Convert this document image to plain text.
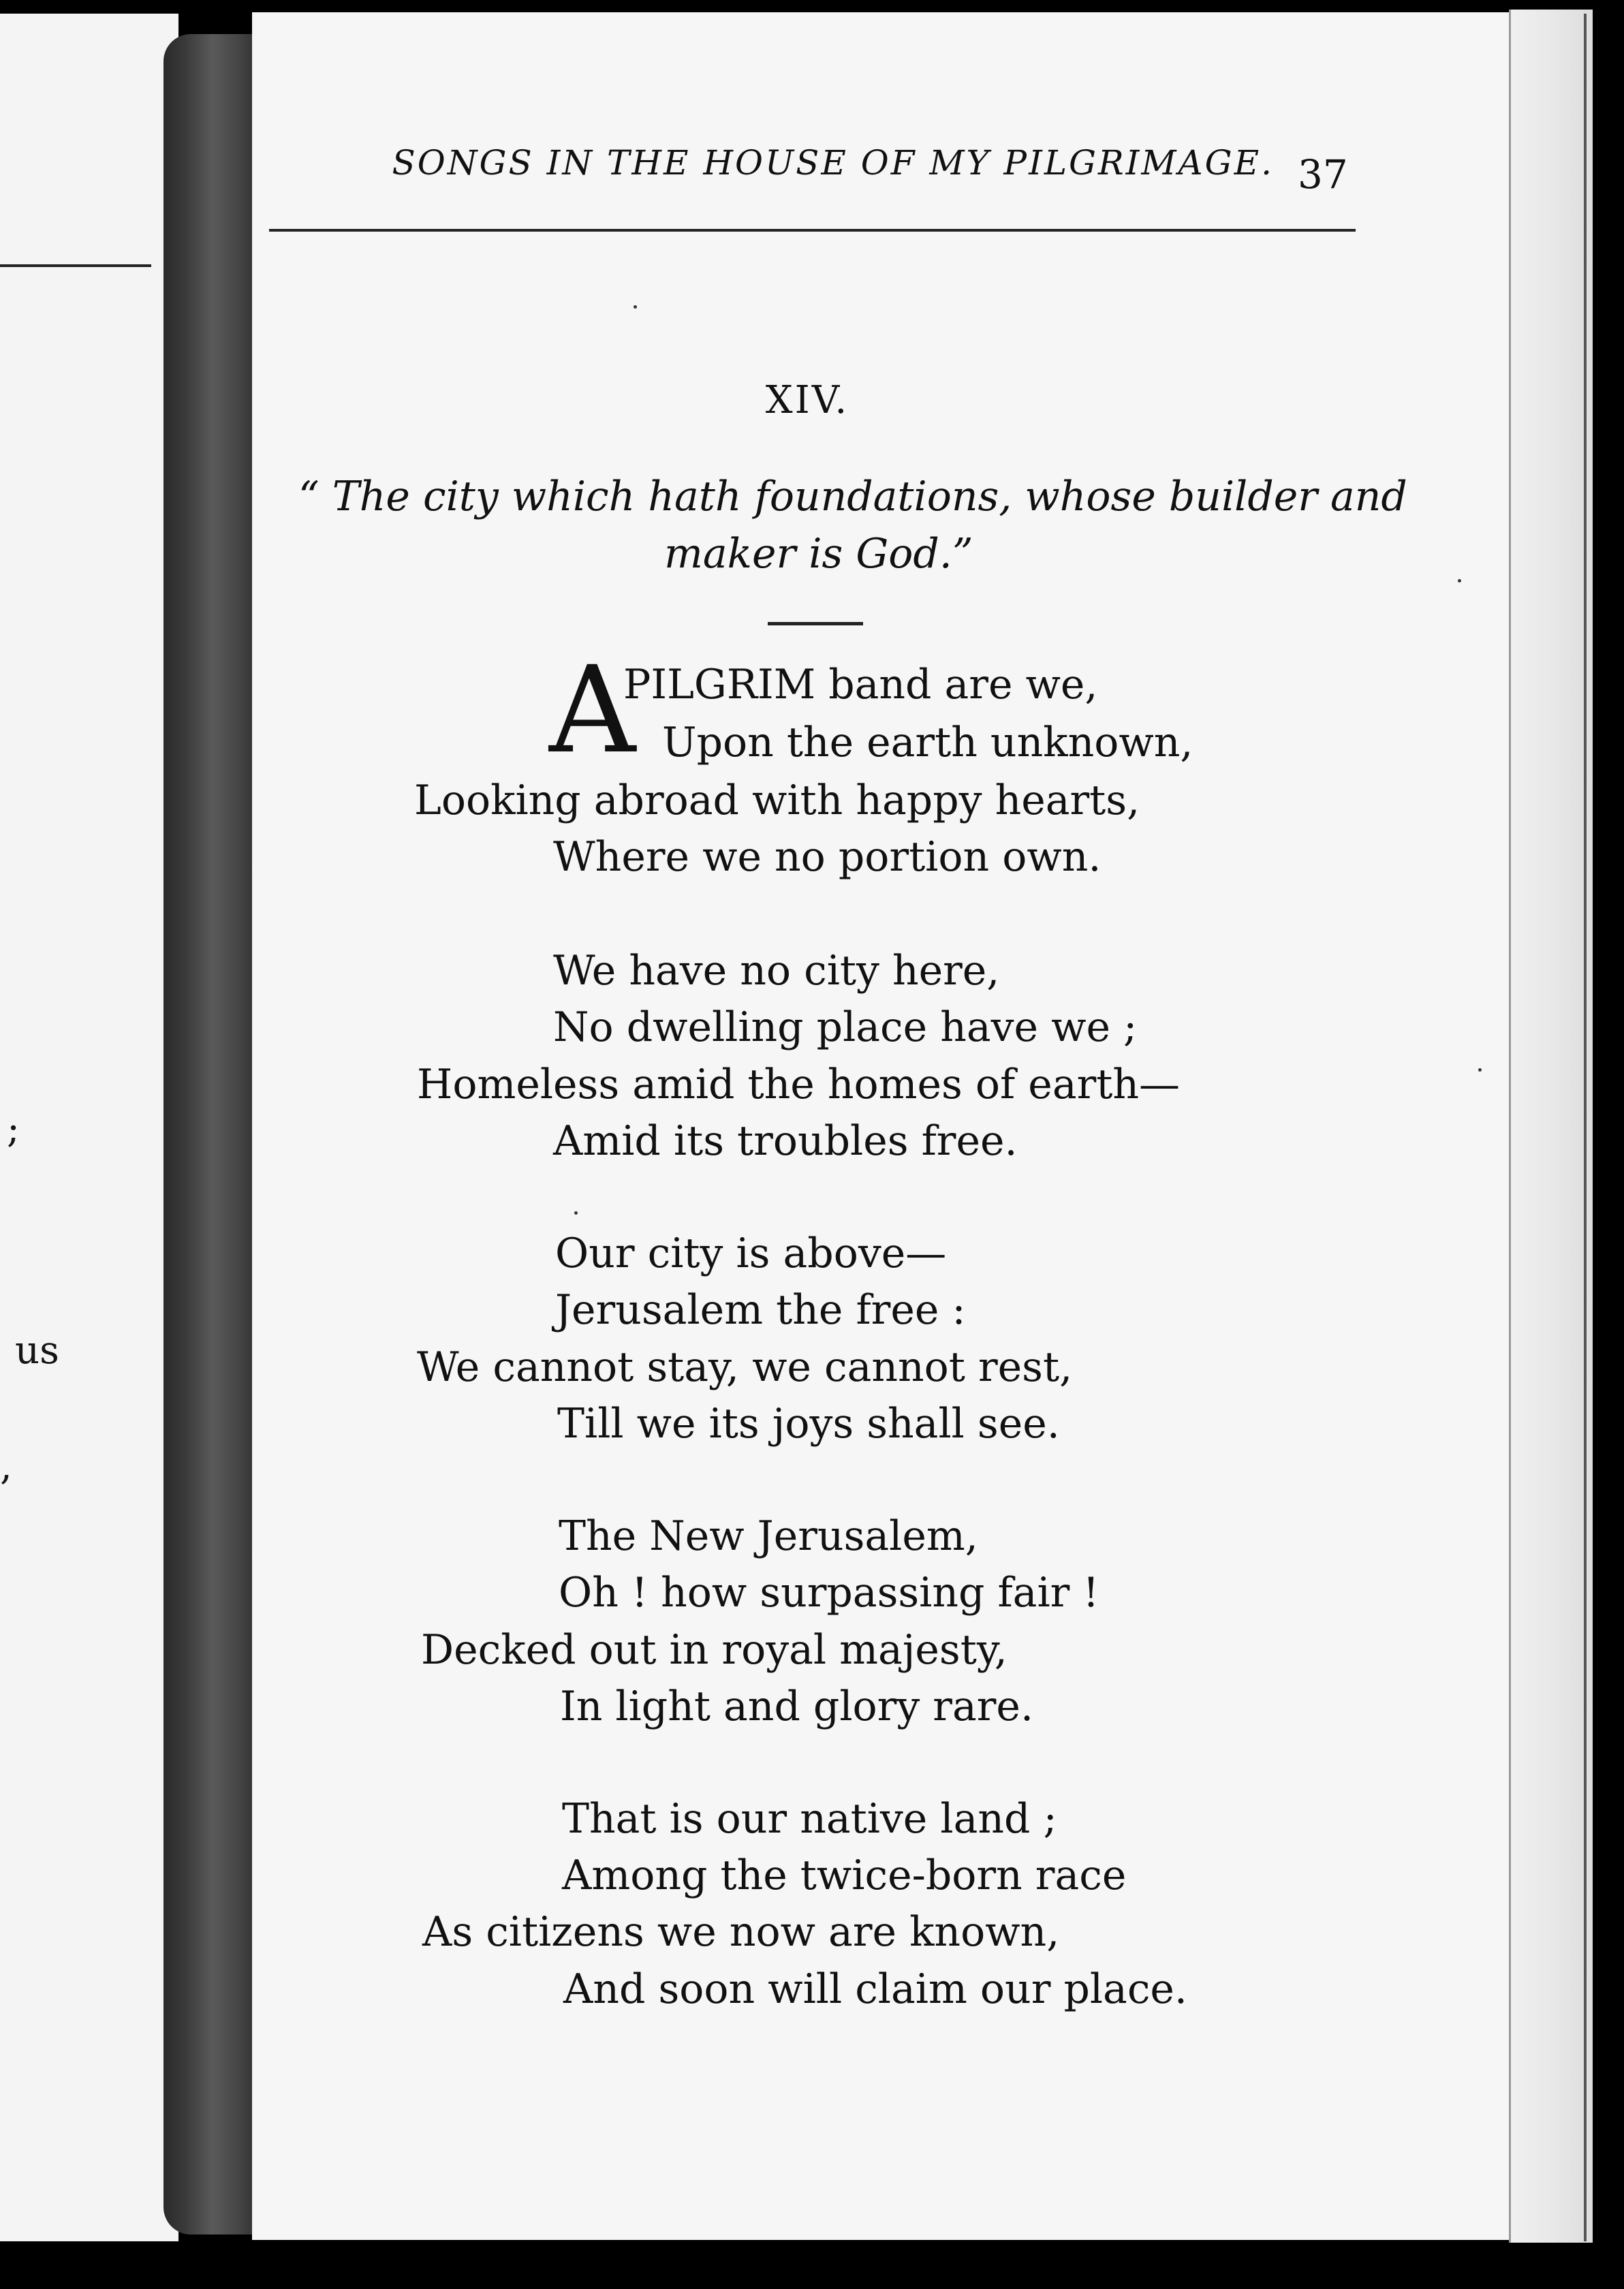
;
us
,
SONGS IN THE HOUSE OF MY PILGRIMAGE. 37
XIV.
“ The city which hath foundations, whose builder and
maker is God.”
A
PILGRIM band are we,
Upon the earth unknown,
Looking abroad with happy hearts,
Where we no portion own.
We have no city here,
No dwelling place have we ;
Homeless amid the homes of earth—
Amid its troubles free.
Our city is above—
Jerusalem the free :
We cannot stay, we cannot rest,
Till we its joys shall see.
The New Jerusalem,
Oh ! how surpassing fair !
Decked out in royal majesty,
In light and glory rare.
That is our native land ;
Among the twice-born race
As citizens we now are known,
And soon will claim our place.
